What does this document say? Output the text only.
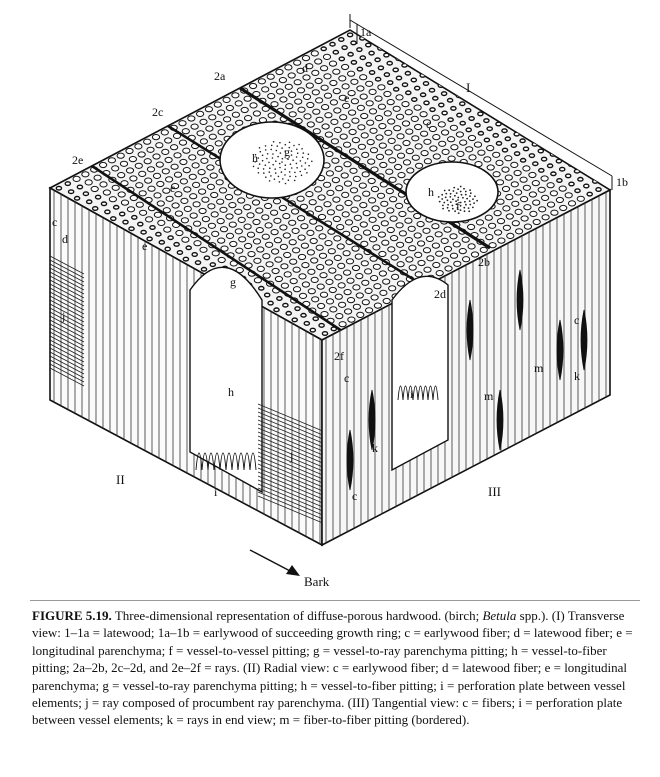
1a
I
1b
2a
2c
2e
2b
2d
2f
d
e
c
g
h
h
f
e
c
d	e
g
j
h
j
i
II
c
i
k
c
m
m
c
k
III
Bark
FIGURE 5.19. Three-dimensional representation of diffuse-porous hardwood. (birch; Betula spp.). (I) Transverse view: 1–1a = latewood; 1a–1b = earlywood of succeeding growth ring; c = earlywood fiber; d = latewood fiber; e = longitudinal parenchyma; f = vessel-to-vessel pitting; g = vessel-to-ray parenchyma pitting; h = vessel-to-fiber pitting; 2a–2b, 2c–2d, and 2e–2f = rays. (II) Radial view: c = earlywood fiber; d = latewood fiber; e = longitudinal parenchyma; g = vessel-to-ray parenchyma pitting; h = vessel-to-fiber pitting; i = perforation plate between vessel elements; j = ray composed of procumbent ray parenchyma. (III) Tangential view: c = fibers; i = perforation plate between vessel elements; k = rays in end view; m = fiber-to-fiber pitting (bordered).
